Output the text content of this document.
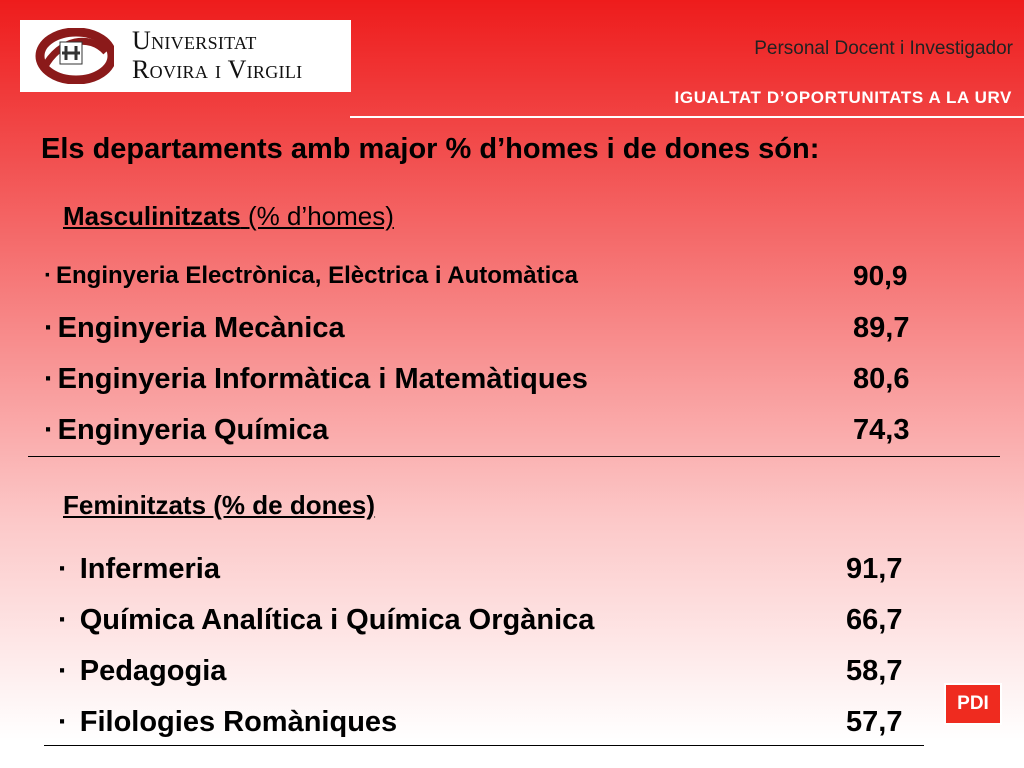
Universitat
Rovira i Virgili
Personal Docent i Investigador
IGUALTAT D’OPORTUNITATS A LA URV
Els departaments amb major % d’homes i de dones són:
Masculinitzats (% d’homes)
· Enginyeria Electrònica, Elèctrica i Automàtica	90,9
· Enginyeria Mecànica	89,7
· Enginyeria Informàtica i Matemàtiques	80,6
· Enginyeria Química	74,3
Feminitzats (% de dones)
· Infermeria	91,7
· Química Analítica i Química Orgànica	66,7
· Pedagogia	58,7
· Filologies Romàniques	57,7
PDI
